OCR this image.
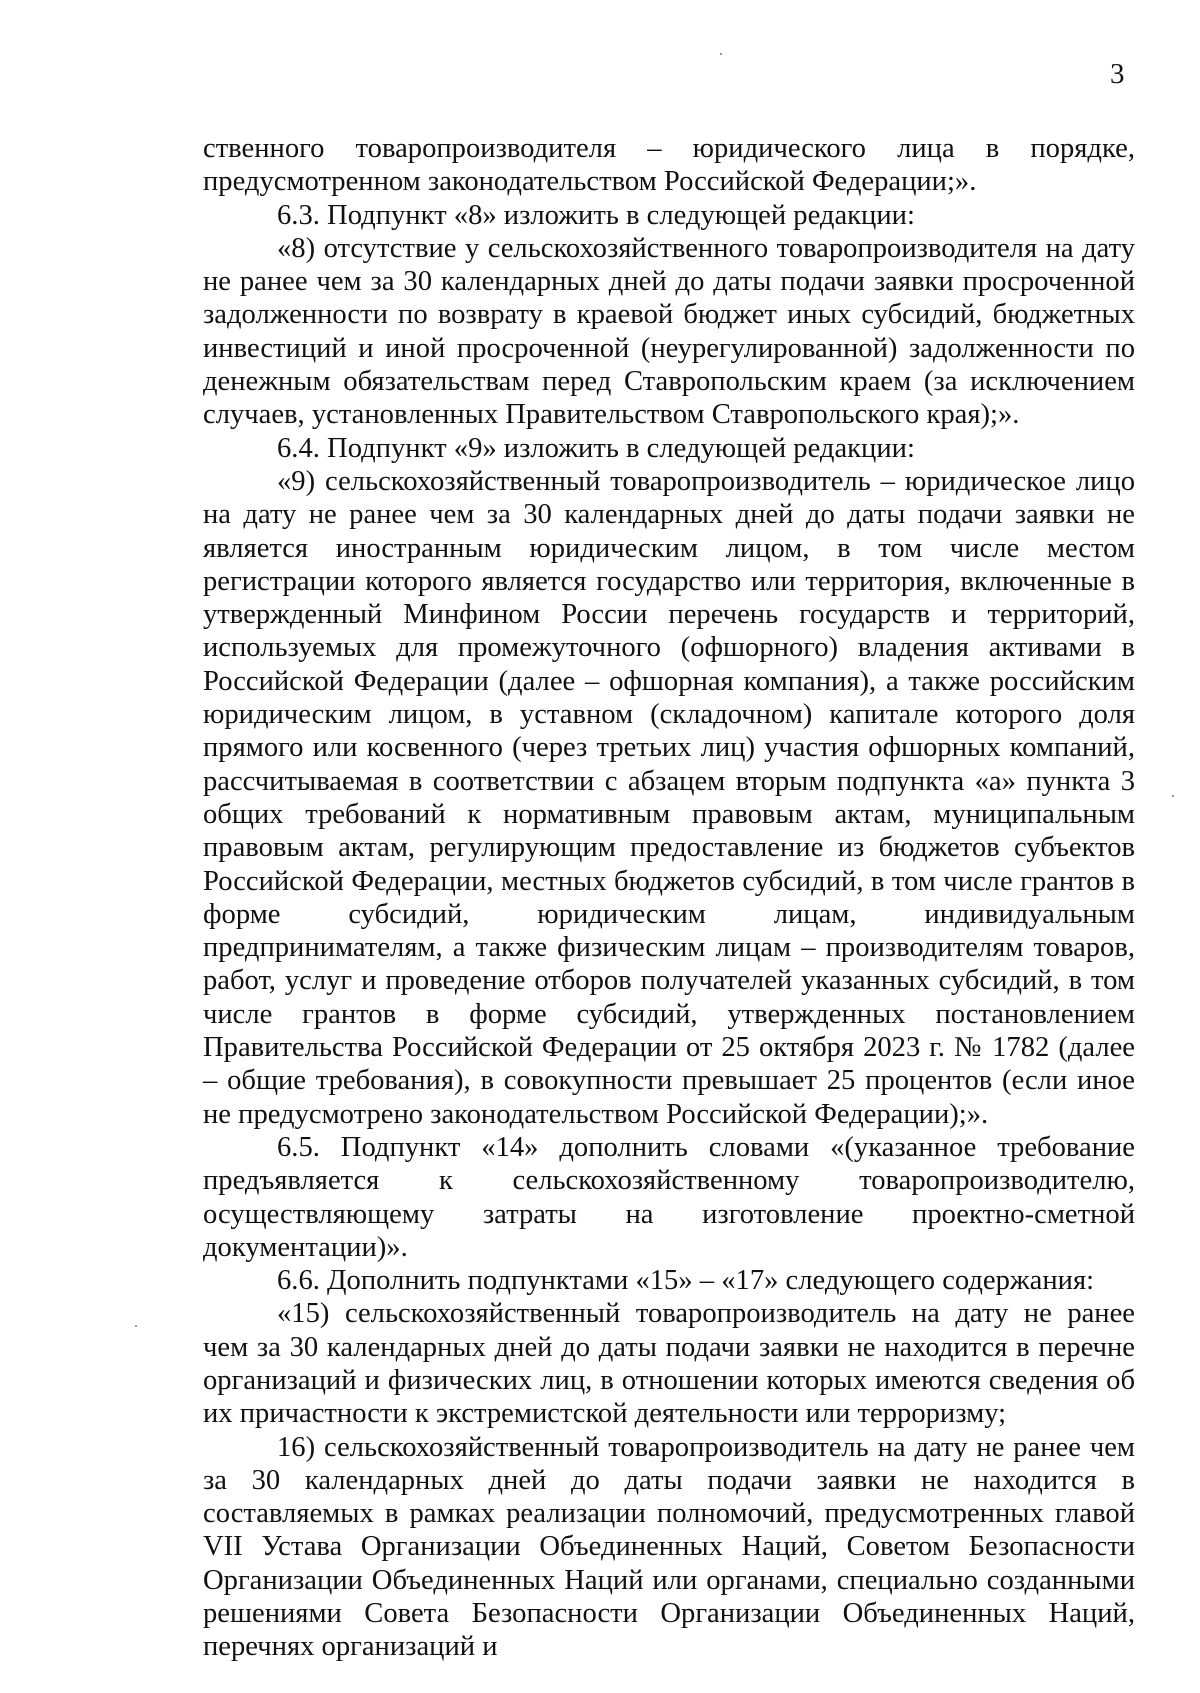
3

ственного товаропроизводителя – юридического лица в порядке, предусмотренном законодательством Российской Федерации;».

6.3. Подпункт «8» изложить в следующей редакции:

«8) отсутствие у сельскохозяйственного товаропроизводителя на дату не ранее чем за 30 календарных дней до даты подачи заявки просроченной задолженности по возврату в краевой бюджет иных субсидий, бюджетных инвестиций и иной просроченной (неурегулированной) задолженности по денежным обязательствам перед Ставропольским краем (за исключением случаев, установленных Правительством Ставропольского края);».

6.4. Подпункт «9» изложить в следующей редакции:

«9) сельскохозяйственный товаропроизводитель – юридическое лицо на дату не ранее чем за 30 календарных дней до даты подачи заявки не является иностранным юридическим лицом, в том числе местом регистрации которого является государство или территория, включенные в утвержденный Минфином России перечень государств и территорий, используемых для промежуточного (офшорного) владения активами в Российской Федерации (далее – офшорная компания), а также российским юридическим лицом, в уставном (складочном) капитале которого доля прямого или косвенного (через третьих лиц) участия офшорных компаний, рассчитываемая в соответствии с абзацем вторым подпункта «а» пункта 3 общих требований к нормативным правовым актам, муниципальным правовым актам, регулирующим предоставление из бюджетов субъектов Российской Федерации, местных бюджетов субсидий, в том числе грантов в форме субсидий, юридическим лицам, индивидуальным предпринимателям, а также физическим лицам – производителям товаров, работ, услуг и проведение отборов получателей указанных субсидий, в том числе грантов в форме субсидий, утвержденных постановлением Правительства Российской Федерации от 25 октября 2023 г. № 1782 (далее – общие требования), в совокупности превышает 25 процентов (если иное не предусмотрено законодательством Российской Федерации);».

6.5. Подпункт «14» дополнить словами «(указанное требование предъявляется к сельскохозяйственному товаропроизводителю, осуществляющему затраты на изготовление проектно-сметной документации)».

6.6. Дополнить подпунктами «15» – «17» следующего содержания:

«15) сельскохозяйственный товаропроизводитель на дату не ранее чем за 30 календарных дней до даты подачи заявки не находится в перечне организаций и физических лиц, в отношении которых имеются сведения об их причастности к экстремистской деятельности или терроризму;

16) сельскохозяйственный товаропроизводитель на дату не ранее чем за 30 календарных дней до даты подачи заявки не находится в составляемых в рамках реализации полномочий, предусмотренных главой VII Устава Организации Объединенных Наций, Советом Безопасности Организации Объединенных Наций или органами, специально созданными решениями Совета Безопасности Организации Объединенных Наций, перечнях организаций и
